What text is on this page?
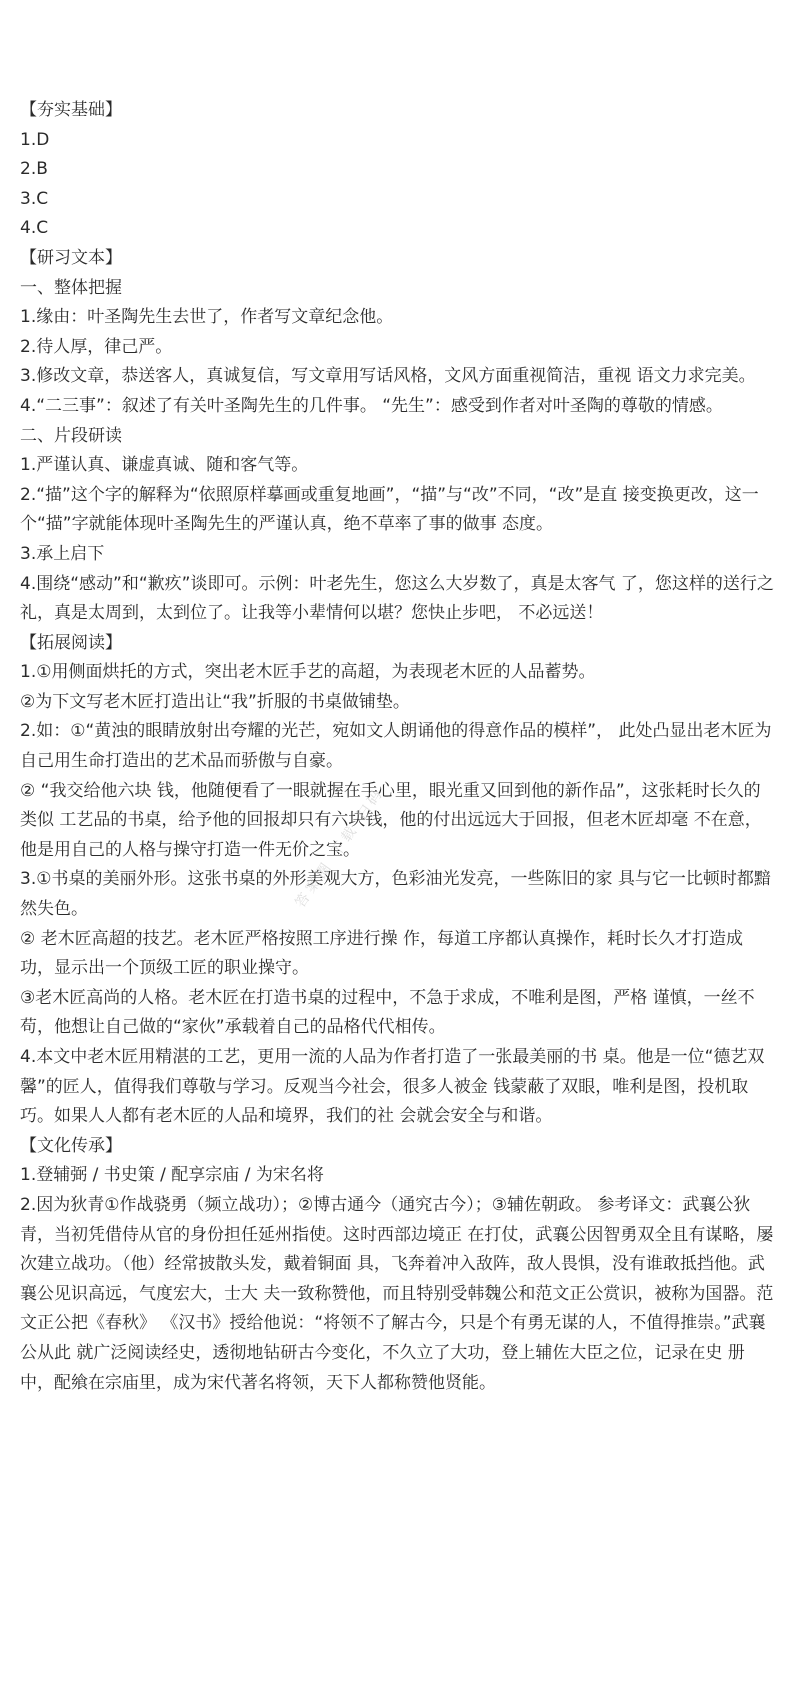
【夯实基础】
1.D
2.B
3.C
4.C
【研习文本】
一、整体把握
1.缘由：叶圣陶先生去世了，作者写文章纪念他。
2.待人厚，律己严。
3.修改文章，恭送客人，真诚复信，写文章用写话风格，文风方面重视简洁，重视 语文力求完美。
4.“二三事”：叙述了有关叶圣陶先生的几件事。 “先生”：感受到作者对叶圣陶的尊敬的情感。
二、片段研读
1.严谨认真、谦虚真诚、随和客气等。
2.“描”这个字的解释为“依照原样摹画或重复地画”，“描”与“改”不同，“改”是直 接变换更改，这一个“描”字就能体现叶圣陶先生的严谨认真，绝不草率了事的做事 态度。
3.承上启下
4.围绕“感动”和“歉疚”谈即可。示例：叶老先生，您这么大岁数了，真是太客气 了，您这样的送行之礼，真是太周到，太到位了。让我等小辈情何以堪？您快止步吧， 不必远送！
【拓展阅读】
1.①用侧面烘托的方式，突出老木匠手艺的高超，为表现老木匠的人品蓄势。
②为下文写老木匠打造出让“我”折服的书桌做铺垫。
2.如：①“黄浊的眼睛放射出夸耀的光芒，宛如文人朗诵他的得意作品的模样”， 此处凸显出老木匠为自己用生命打造出的艺术品而骄傲与自豪。
② “我交给他六块 钱，他随便看了一眼就握在手心里，眼光重又回到他的新作品”，这张耗时长久的类似 工艺品的书桌，给予他的回报却只有六块钱，他的付出远远大于回报，但老木匠却毫 不在意，他是用自己的人格与操守打造一件无价之宝。
3.①书桌的美丽外形。这张书桌的外形美观大方，色彩油光发亮，一些陈旧的家 具与它一比顿时都黯然失色。
② 老木匠高超的技艺。老木匠严格按照工序进行操 作，每道工序都认真操作，耗时长久才打造成功，显示出一个顶级工匠的职业操守。
③老木匠高尚的人格。老木匠在打造书桌的过程中，不急于求成，不唯利是图，严格 谨慎，一丝不苟，他想让自己做的“家伙”承载着自己的品格代代相传。
4.本文中老木匠用精湛的工艺，更用一流的人品为作者打造了一张最美丽的书 桌。他是一位“德艺双馨”的匠人，值得我们尊敬与学习。反观当今社会，很多人被金 钱蒙蔽了双眼，唯利是图，投机取巧。如果人人都有老木匠的人品和境界，我们的社 会就会安全与和谐。
【文化传承】
1.登辅弼 / 书史策 / 配享宗庙 / 为宋名将
2.因为狄青①作战骁勇（频立战功）；②博古通今（通究古今）；③辅佐朝政。 参考译文：武襄公狄青，当初凭借侍从官的身份担任延州指使。这时西部边境正 在打仗，武襄公因智勇双全且有谋略，屡次建立战功。（他）经常披散头发，戴着铜面 具，飞奔着冲入敌阵，敌人畏惧，没有谁敢抵挡他。武襄公见识高远，气度宏大，士大 夫一致称赞他，而且特别受韩魏公和范文正公赏识，被称为国器。范文正公把《春秋》 《汉书》授给他说：“将领不了解古今，只是个有勇无谋的人，不值得推崇。”武襄公从此 就广泛阅读经史，透彻地钻研古今变化，不久立了大功，登上辅佐大臣之位，记录在史 册中，配飨在宗庙里，成为宋代著名将领，天下人都称赞他贤能。
答案圈 下载 扫码
